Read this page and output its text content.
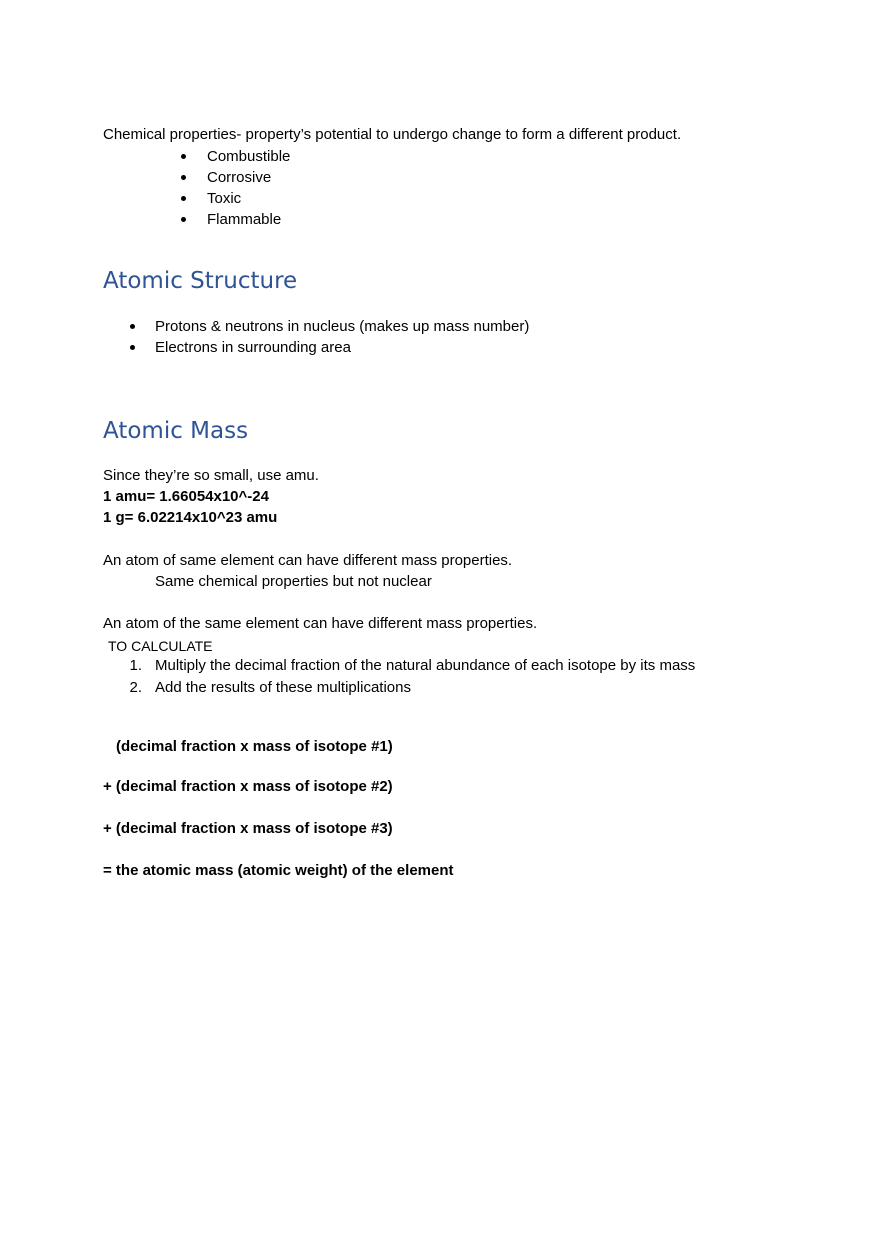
Chemical properties- property’s potential to undergo change to form a different product.
Combustible
Corrosive
Toxic
Flammable
Atomic Structure
Protons & neutrons in nucleus (makes up mass number)
Electrons in surrounding area
Atomic Mass
Since they’re so small, use amu.
1 amu= 1.66054x10^-24
1 g= 6.02214x10^23 amu
An atom of same element can have different mass properties.
Same chemical properties but not nuclear
An atom of the same element can have different mass properties.
TO CALCULATE
1. Multiply the decimal fraction of the natural abundance of each isotope by its mass
2. Add the results of these multiplications
(decimal fraction x mass of isotope #1)
+ (decimal fraction x mass of isotope #2)
+ (decimal fraction x mass of isotope #3)
= the atomic mass (atomic weight) of the element
